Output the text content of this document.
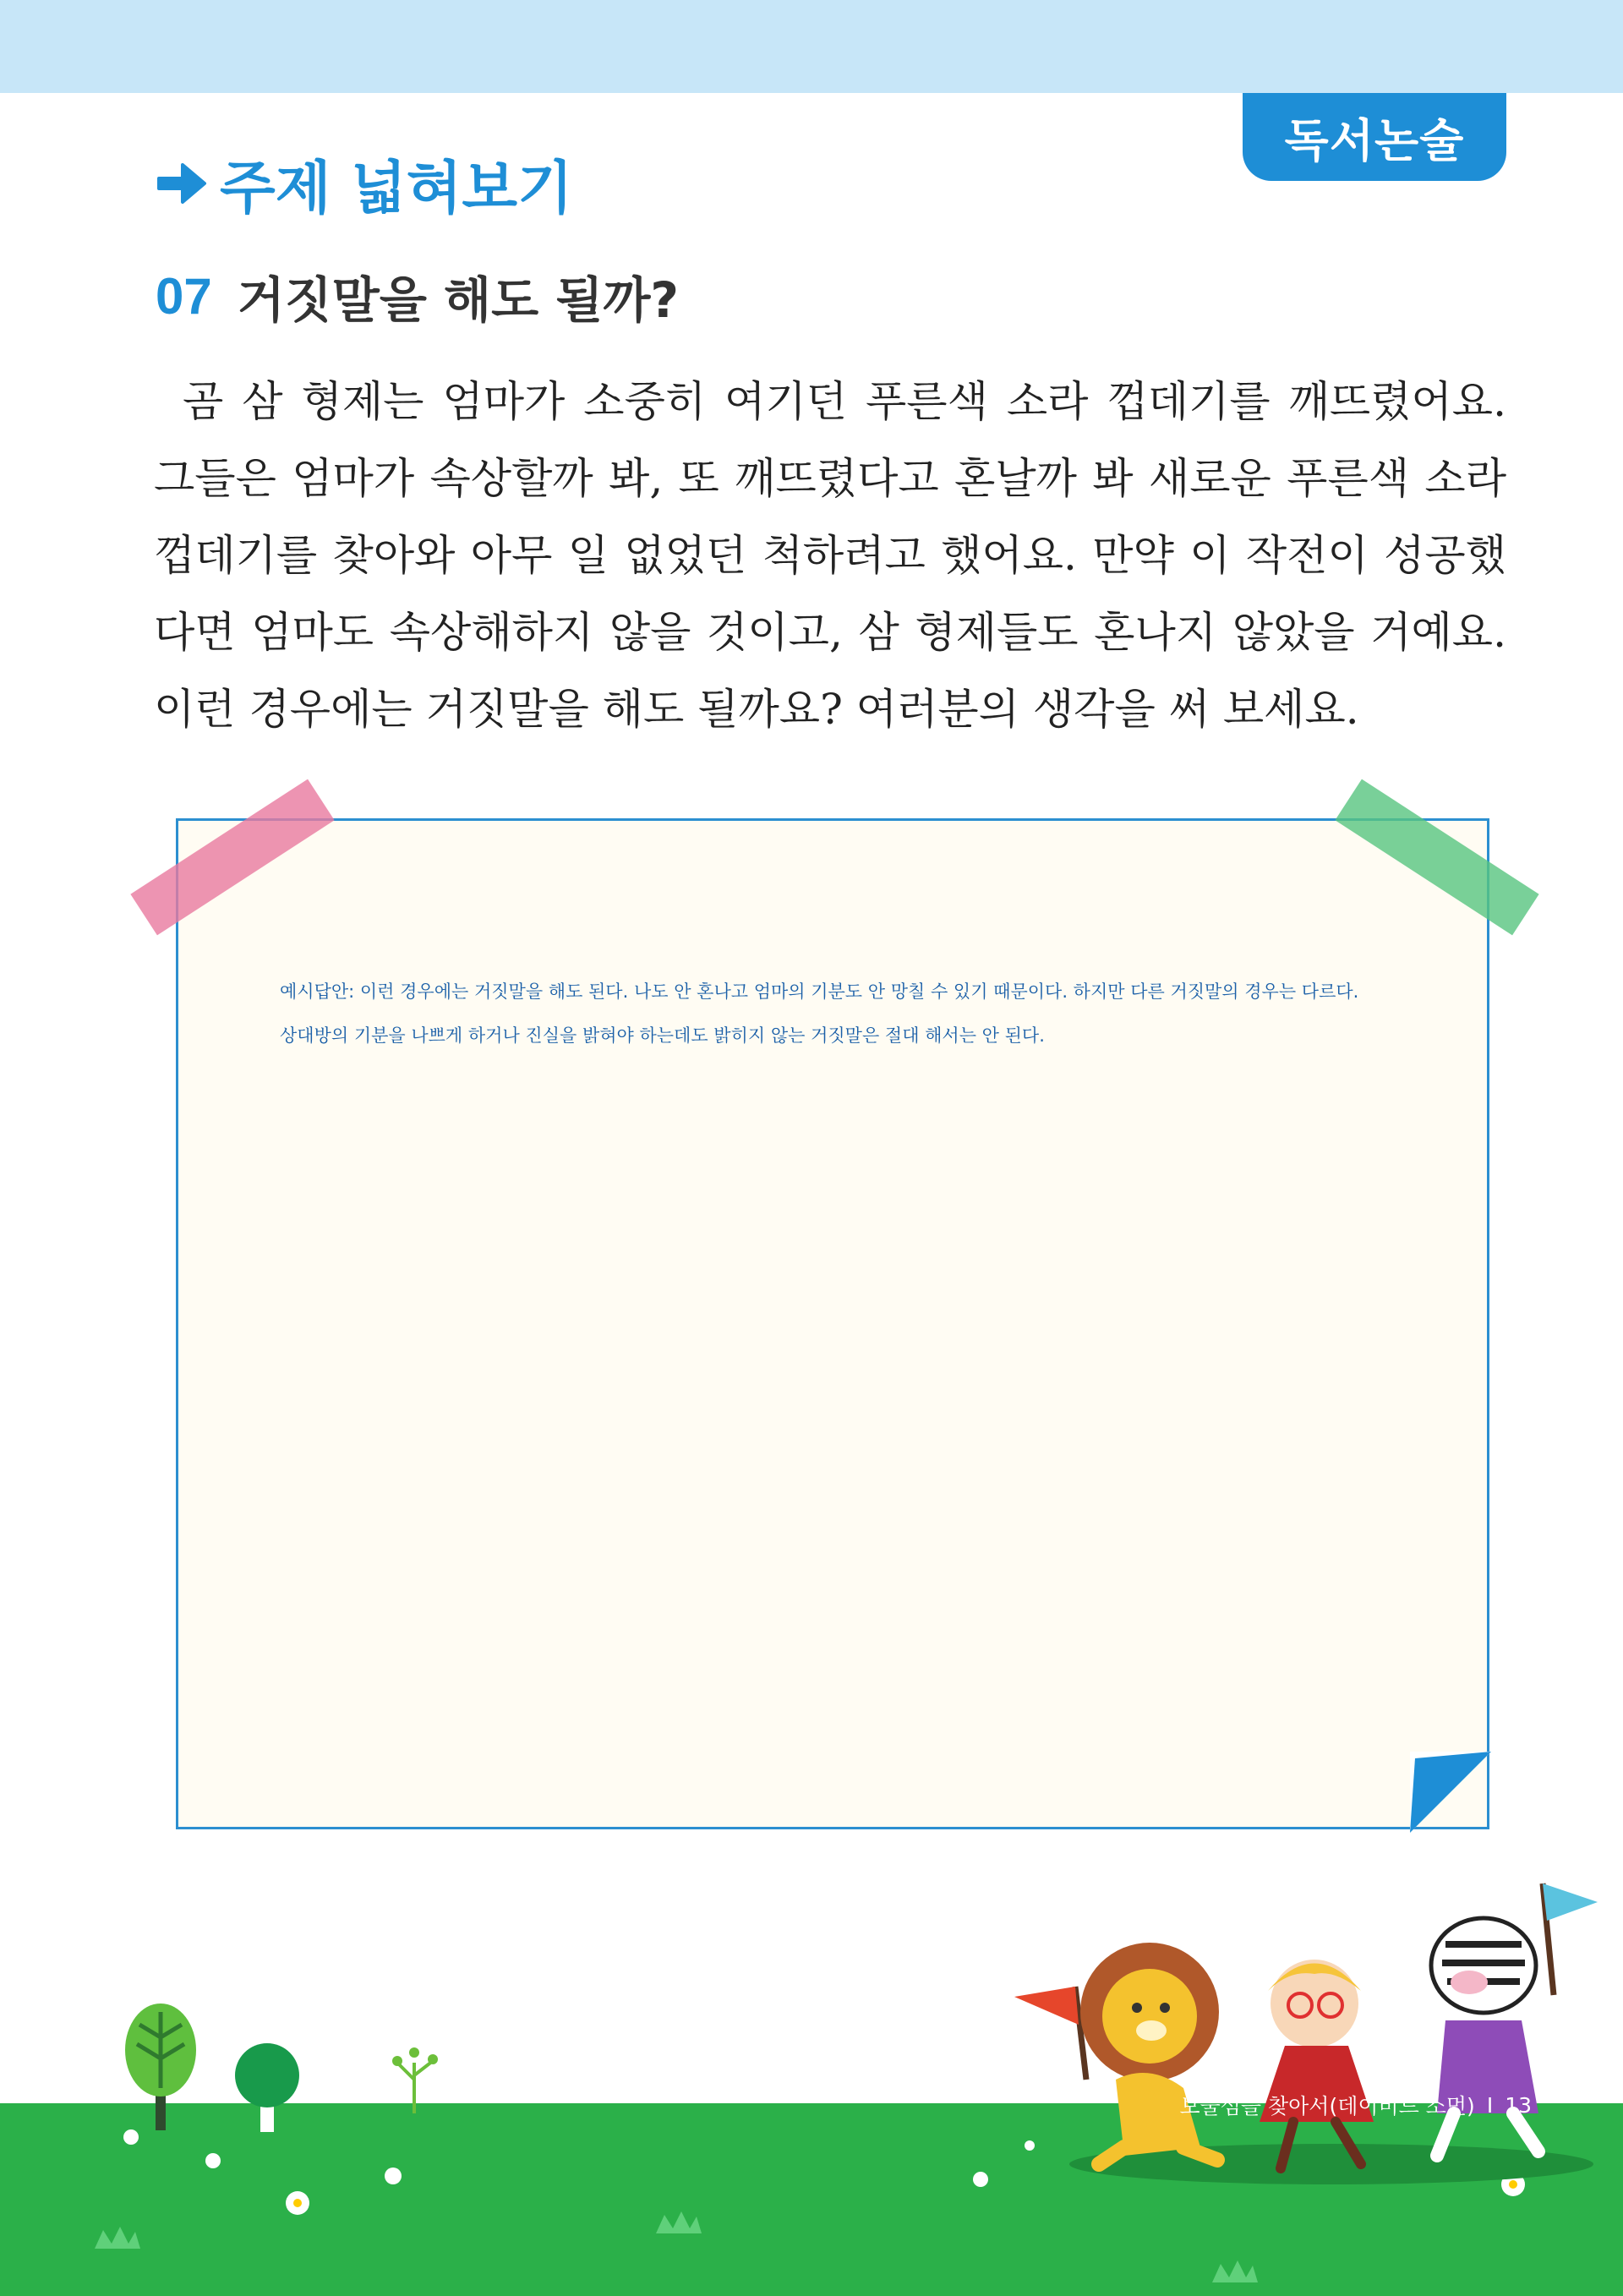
독서논술
주제 넓혀보기
07 거짓말을 해도 될까?

곰 삼 형제는 엄마가 소중히 여기던 푸른색 소라 껍데기를 깨뜨렸어요. 그들은 엄마가 속상할까 봐, 또 깨뜨렸다고 혼날까 봐 새로운 푸른색 소라 껍데기를 찾아와 아무 일 없었던 척하려고 했어요. 만약 이 작전이 성공했다면 엄마도 속상해하지 않을 것이고, 삼 형제들도 혼나지 않았을 거예요. 이런 경우에는 거짓말을 해도 될까요? 여러분의 생각을 써 보세요.

예시답안: 이런 경우에는 거짓말을 해도 된다. 나도 안 혼나고 엄마의 기분도 안 망칠 수 있기 때문이다. 하지만 다른 거짓말의 경우는 다르다. 상대방의 기분을 나쁘게 하거나 진실을 밝혀야 하는데도 밝히지 않는 거짓말은 절대 해서는 안 된다.

보물섬을 찾아서(데이비드 소먼) I 13
